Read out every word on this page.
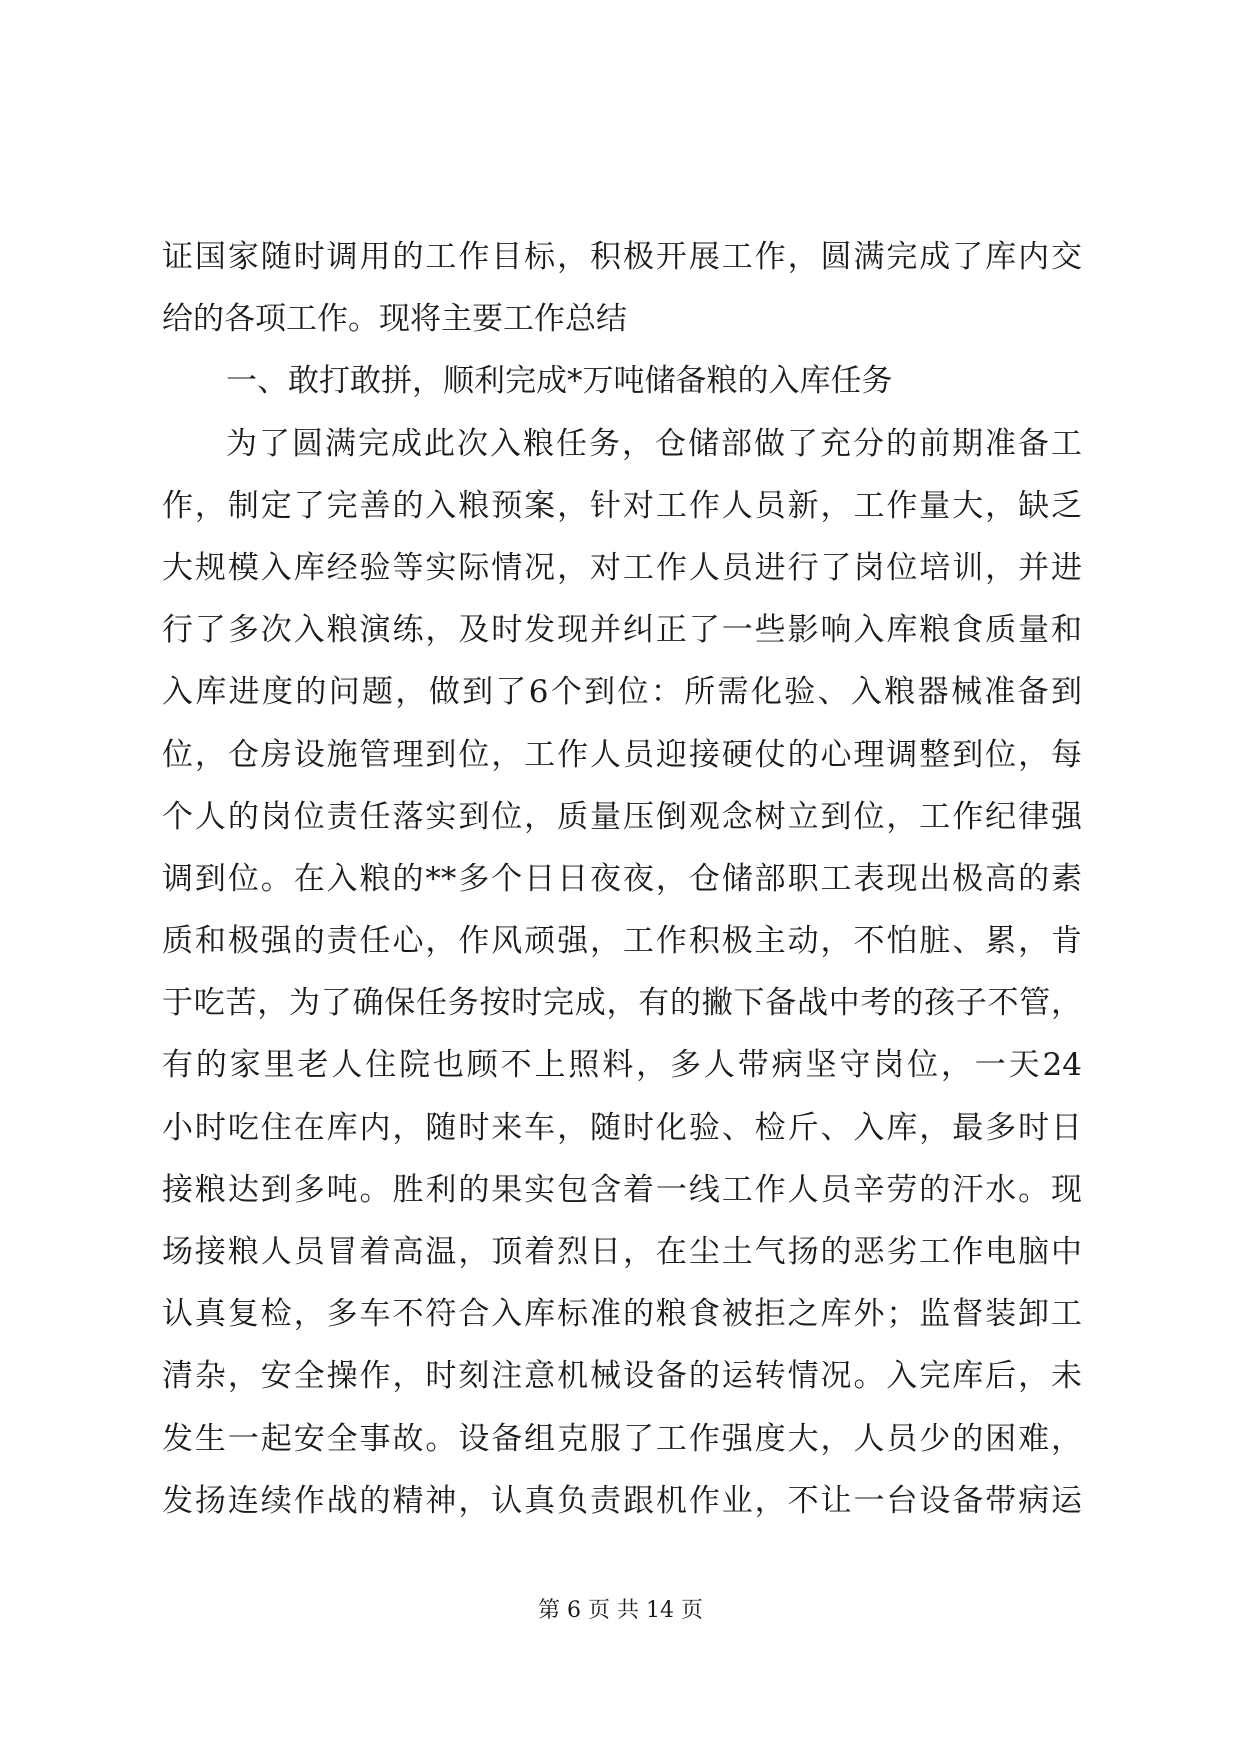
证国家随时调用的工作目标，积极开展工作，圆满完成了库内交
给的各项工作。现将主要工作总结
一、敢打敢拼，顺利完成*万吨储备粮的入库任务
为了圆满完成此次入粮任务，仓储部做了充分的前期准备工
作，制定了完善的入粮预案，针对工作人员新，工作量大，缺乏
大规模入库经验等实际情况，对工作人员进行了岗位培训，并进
行了多次入粮演练，及时发现并纠正了一些影响入库粮食质量和
入库进度的问题，做到了6个到位：所需化验、入粮器械准备到
位，仓房设施管理到位，工作人员迎接硬仗的心理调整到位，每
个人的岗位责任落实到位，质量压倒观念树立到位，工作纪律强
调到位。在入粮的**多个日日夜夜，仓储部职工表现出极高的素
质和极强的责任心，作风顽强，工作积极主动，不怕脏、累，肯
于吃苦，为了确保任务按时完成，有的撇下备战中考的孩子不管，
有的家里老人住院也顾不上照料，多人带病坚守岗位，一天24
小时吃住在库内，随时来车，随时化验、检斤、入库，最多时日
接粮达到多吨。胜利的果实包含着一线工作人员辛劳的汗水。现
场接粮人员冒着高温，顶着烈日，在尘土气扬的恶劣工作电脑中
认真复检，多车不符合入库标准的粮食被拒之库外；监督装卸工
清杂，安全操作，时刻注意机械设备的运转情况。入完库后，未
发生一起安全事故。设备组克服了工作强度大，人员少的困难，
发扬连续作战的精神，认真负责跟机作业，不让一台设备带病运
第 6 页 共 14 页
